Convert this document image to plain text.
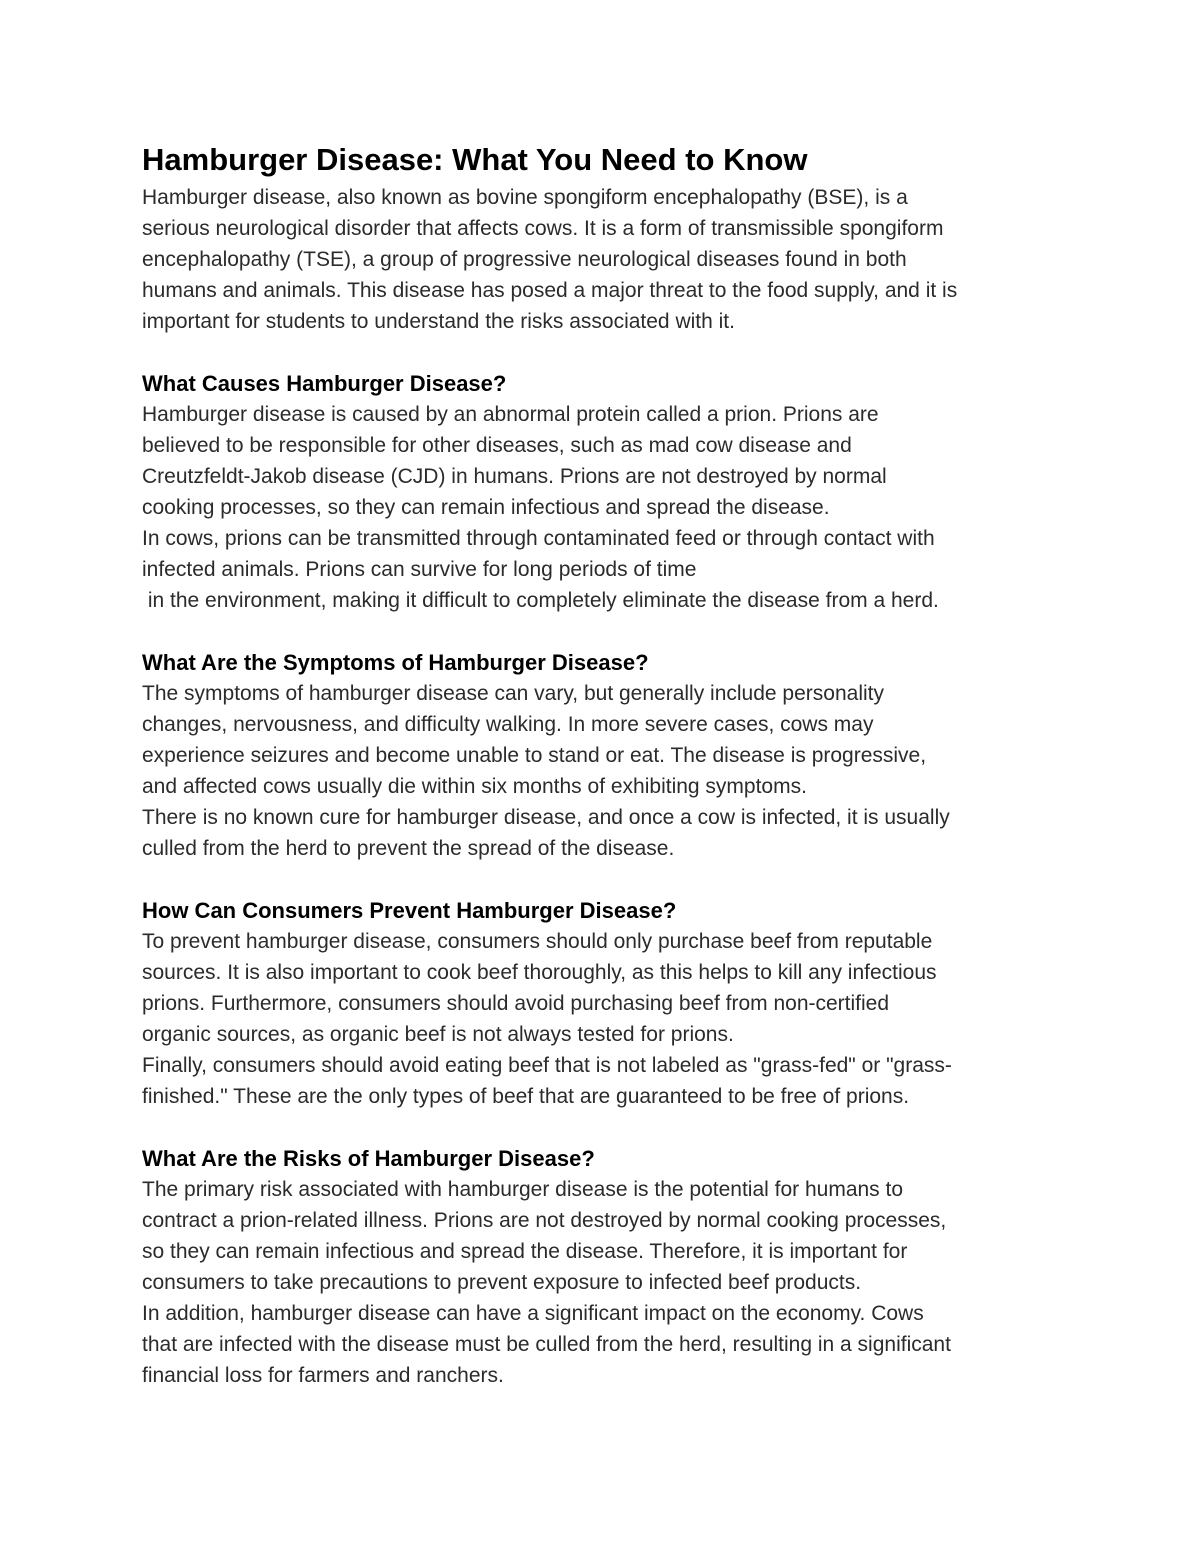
Hamburger Disease: What You Need to Know
Hamburger disease, also known as bovine spongiform encephalopathy (BSE), is a
serious neurological disorder that affects cows. It is a form of transmissible spongiform
encephalopathy (TSE), a group of progressive neurological diseases found in both
humans and animals. This disease has posed a major threat to the food supply, and it is
important for students to understand the risks associated with it.
What Causes Hamburger Disease?
Hamburger disease is caused by an abnormal protein called a prion. Prions are
believed to be responsible for other diseases, such as mad cow disease and
Creutzfeldt-Jakob disease (CJD) in humans. Prions are not destroyed by normal
cooking processes, so they can remain infectious and spread the disease.
In cows, prions can be transmitted through contaminated feed or through contact with
infected animals. Prions can survive for long periods of time
in the environment, making it difficult to completely eliminate the disease from a herd.
What Are the Symptoms of Hamburger Disease?
The symptoms of hamburger disease can vary, but generally include personality
changes, nervousness, and difficulty walking. In more severe cases, cows may
experience seizures and become unable to stand or eat. The disease is progressive,
and affected cows usually die within six months of exhibiting symptoms.
There is no known cure for hamburger disease, and once a cow is infected, it is usually
culled from the herd to prevent the spread of the disease.
How Can Consumers Prevent Hamburger Disease?
To prevent hamburger disease, consumers should only purchase beef from reputable
sources. It is also important to cook beef thoroughly, as this helps to kill any infectious
prions. Furthermore, consumers should avoid purchasing beef from non-certified
organic sources, as organic beef is not always tested for prions.
Finally, consumers should avoid eating beef that is not labeled as "grass-fed" or "grass-
finished." These are the only types of beef that are guaranteed to be free of prions.
What Are the Risks of Hamburger Disease?
The primary risk associated with hamburger disease is the potential for humans to
contract a prion-related illness. Prions are not destroyed by normal cooking processes,
so they can remain infectious and spread the disease. Therefore, it is important for
consumers to take precautions to prevent exposure to infected beef products.
In addition, hamburger disease can have a significant impact on the economy. Cows
that are infected with the disease must be culled from the herd, resulting in a significant
financial loss for farmers and ranchers.
